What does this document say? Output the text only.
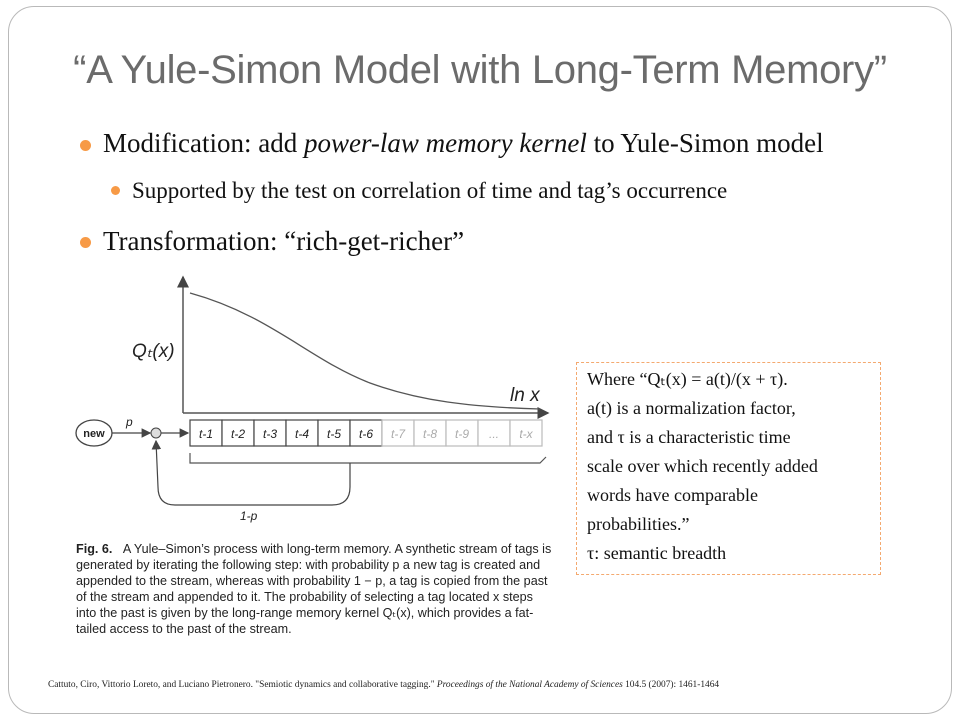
“A Yule-Simon Model with Long-Term Memory”
Modification: add power-law memory kernel to Yule-Simon model
Supported by the test on correlation of time and tag’s occurrence
Transformation: “rich-get-richer”
Qₜ(x)
ln x
new
p
t-1 t-2 t-3 t-4 t-5 t-6 t-7 t-8 t-9 ... t-x
1-p
Fig. 6. A Yule–Simon’s process with long-term memory. A synthetic stream of tags is generated by iterating the following step: with probability p a new tag is created and appended to the stream, whereas with probability 1 − p, a tag is copied from the past of the stream and appended to it. The probability of selecting a tag located x steps into the past is given by the long-range memory kernel Qₜ(x), which provides a fat-tailed access to the past of the stream.
Where “Qₜ(x) = a(t)/(x + τ).
a(t) is a normalization factor,
and τ is a characteristic time
scale over which recently added
words have comparable
probabilities.”
τ: semantic breadth
Cattuto, Ciro, Vittorio Loreto, and Luciano Pietronero. "Semiotic dynamics and collaborative tagging." Proceedings of the National Academy of Sciences 104.5 (2007): 1461-1464
